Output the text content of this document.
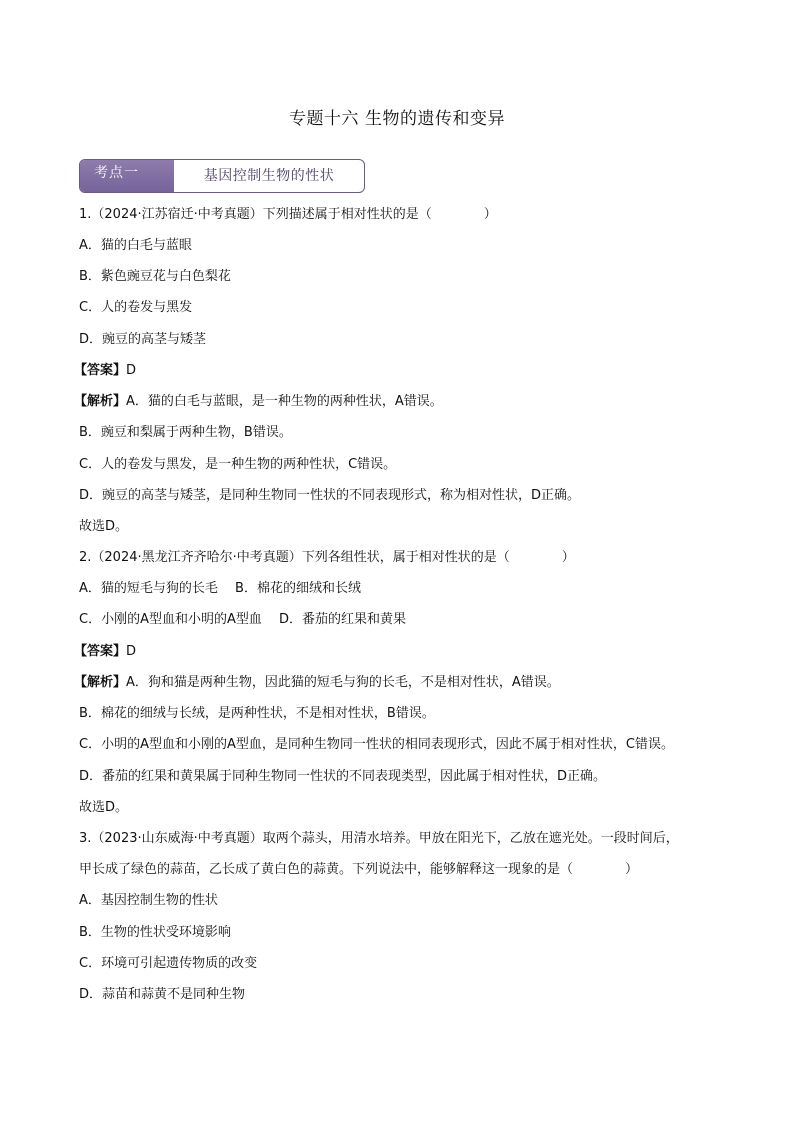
专题十六 生物的遗传和变异
考点一	基因控制生物的性状
1.（2024·江苏宿迁·中考真题）下列描述属于相对性状的是（　　　　）
A．猫的白毛与蓝眼
B．紫色豌豆花与白色梨花
C．人的卷发与黑发
D．豌豆的高茎与矮茎
【答案】D
【解析】A．猫的白毛与蓝眼，是一种生物的两种性状，A错误。
B．豌豆和梨属于两种生物，B错误。
C．人的卷发与黑发，是一种生物的两种性状，C错误。
D．豌豆的高茎与矮茎，是同种生物同一性状的不同表现形式，称为相对性状，D正确。
故选D。
2.（2024·黑龙江齐齐哈尔·中考真题）下列各组性状，属于相对性状的是（　　　　）
A．猫的短毛与狗的长毛　 B．棉花的细绒和长绒
C．小刚的A型血和小明的A型血　 D．番茄的红果和黄果
【答案】D
【解析】A．狗和猫是两种生物，因此猫的短毛与狗的长毛，不是相对性状，A错误。
B．棉花的细绒与长绒，是两种性状，不是相对性状，B错误。
C．小明的A型血和小刚的A型血，是同种生物同一性状的相同表现形式，因此不属于相对性状，C错误。
D．番茄的红果和黄果属于同种生物同一性状的不同表现类型，因此属于相对性状，D正确。
故选D。
3.（2023·山东威海·中考真题）取两个蒜头，用清水培养。甲放在阳光下，乙放在遮光处。一段时间后，
甲长成了绿色的蒜苗，乙长成了黄白色的蒜黄。下列说法中，能够解释这一现象的是（　　　　）
A．基因控制生物的性状
B．生物的性状受环境影响
C．环境可引起遗传物质的改变
D．蒜苗和蒜黄不是同种生物
